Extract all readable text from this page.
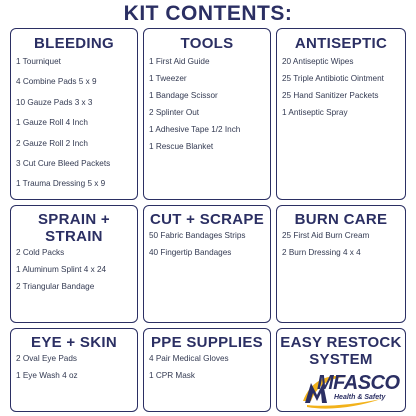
KIT CONTENTS:
BLEEDING
1 Tourniquet
4 Combine Pads 5 x 9
10 Gauze Pads 3 x 3
1 Gauze Roll 4 Inch
2 Gauze Roll 2 Inch
3 Cut Cure Bleed Packets
1 Trauma Dressing 5 x 9
TOOLS
1 First Aid Guide
1 Tweezer
1 Bandage Scissor
2 Splinter Out
1 Adhesive Tape 1/2 Inch
1 Rescue Blanket
ANTISEPTIC
20 Antiseptic Wipes
25 Triple Antibiotic Ointment
25 Hand Sanitizer Packets
1 Antiseptic Spray
SPRAIN + STRAIN
2 Cold Packs
1 Aluminum Splint 4 x 24
2 Triangular Bandage
CUT + SCRAPE
50 Fabric Bandages Strips
40 Fingertip Bandages
BURN CARE
25 First Aid Burn Cream
2 Burn Dressing 4 x 4
EYE + SKIN
2 Oval Eye Pads
1 Eye Wash 4 oz
PPE SUPPLIES
4 Pair Medical Gloves
1 CPR Mask
EASY RESTOCK
SYSTEM
MFASCO
Health & Safety
